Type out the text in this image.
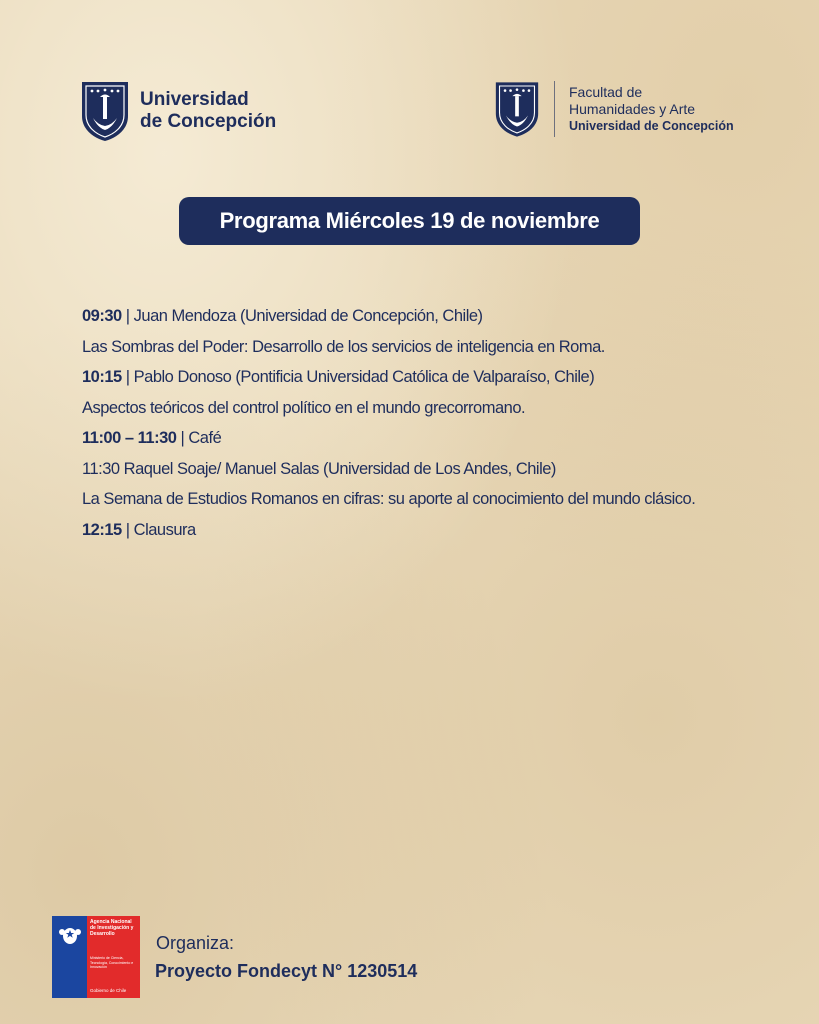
Universidad
de Concepción
Facultad de
Humanidades y Arte
Universidad de Concepción
Programa Miércoles 19 de noviembre
09:30 | Juan Mendoza (Universidad de Concepción, Chile)
Las Sombras del Poder: Desarrollo de los servicios de inteligencia en Roma.
10:15 | Pablo Donoso (Pontificia Universidad Católica de Valparaíso, Chile)
Aspectos teóricos del control político en el mundo grecorromano.
11:00 – 11:30 | Café
11:30 Raquel Soaje/ Manuel Salas (Universidad de Los Andes, Chile)
La Semana de Estudios Romanos en cifras: su aporte al conocimiento del mundo clásico.
12:15 | Clausura
Agencia Nacional de Investigación y Desarrollo
Ministerio de Ciencia, Tecnología, Conocimiento e Innovación
Gobierno de Chile
Organiza:
Proyecto Fondecyt N° 1230514
